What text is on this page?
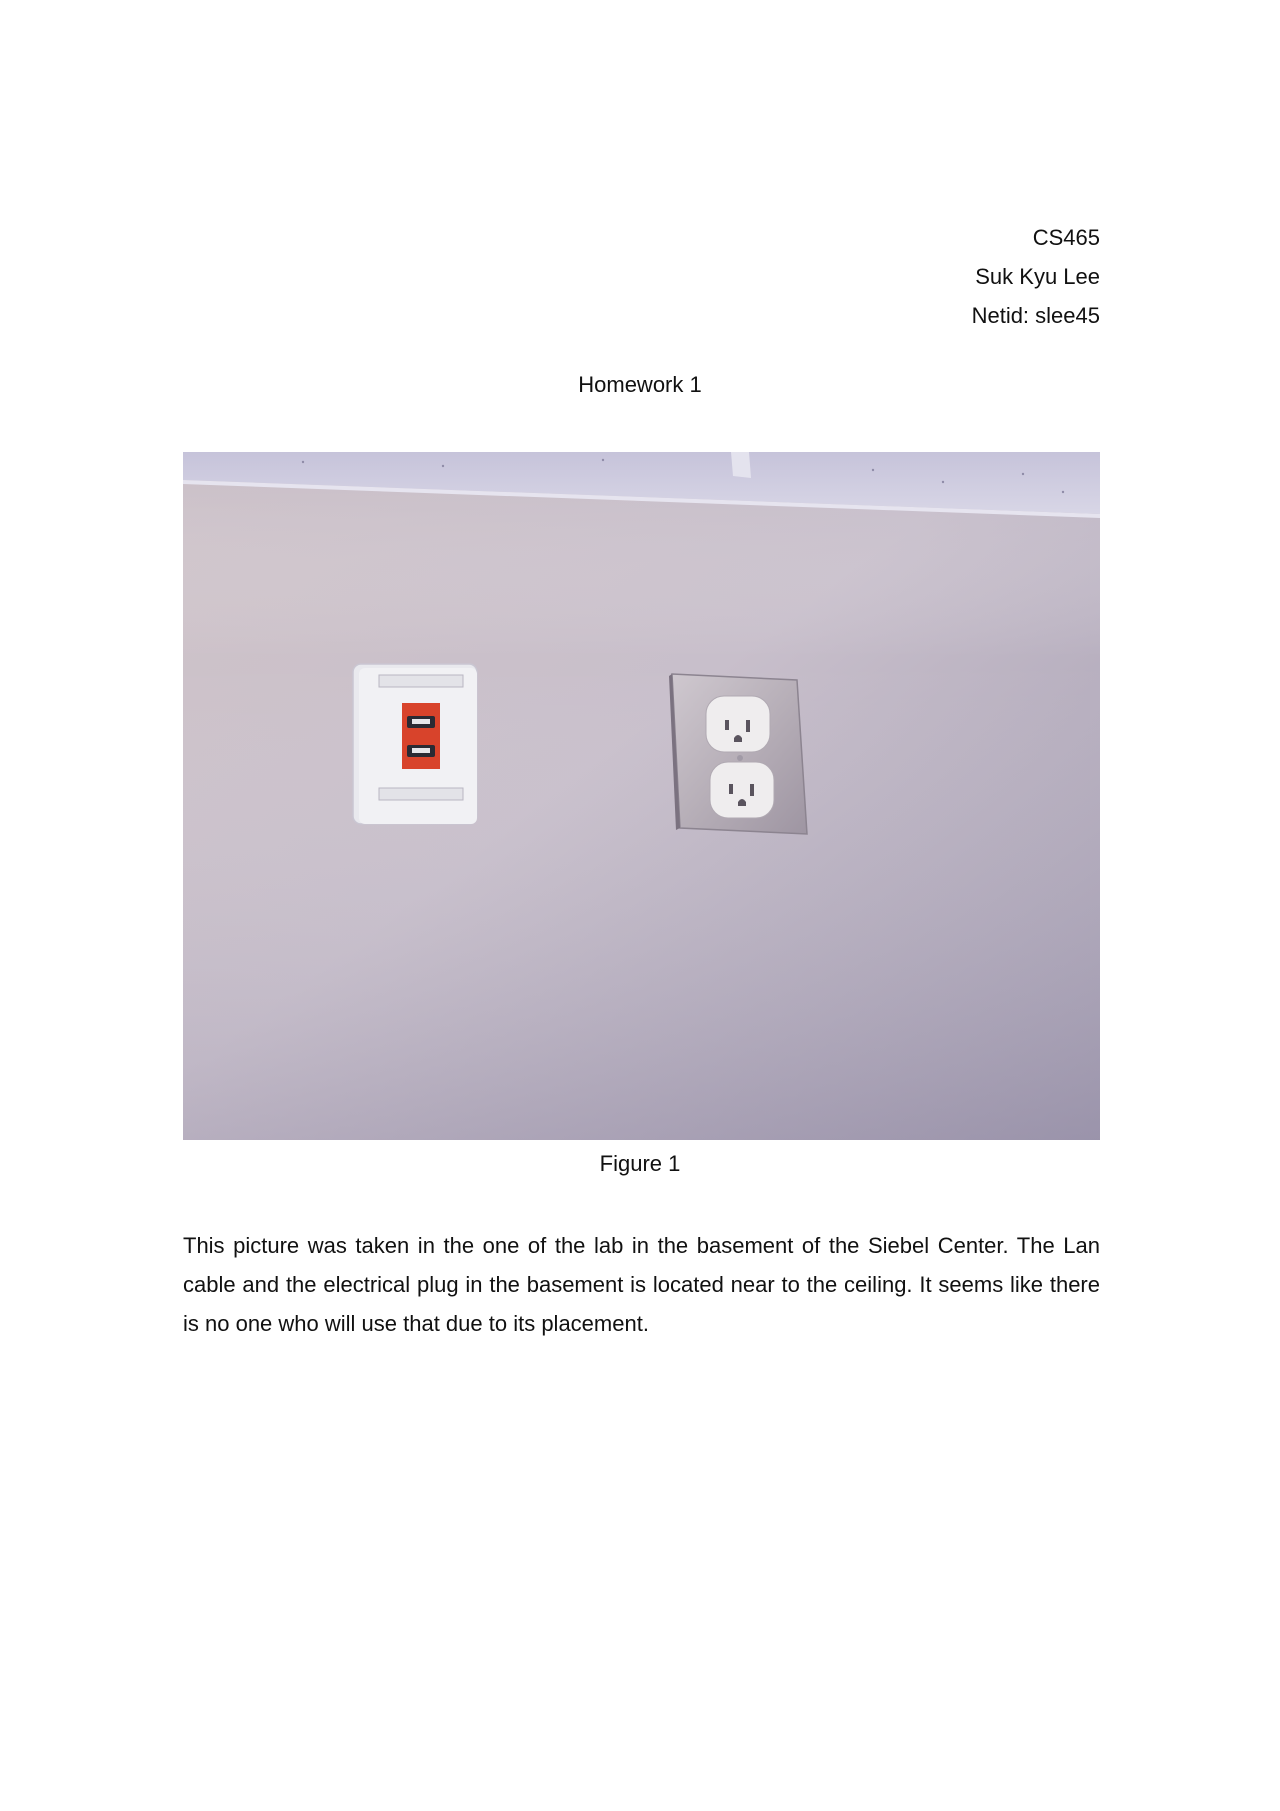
CS465
Suk Kyu Lee
Netid: slee45
Homework 1
Figure 1

This picture was taken in the one of the lab in the basement of the Siebel Center. The Lan cable and the electrical plug in the basement is located near to the ceiling. It seems like there is no one who will use that due to its placement.
